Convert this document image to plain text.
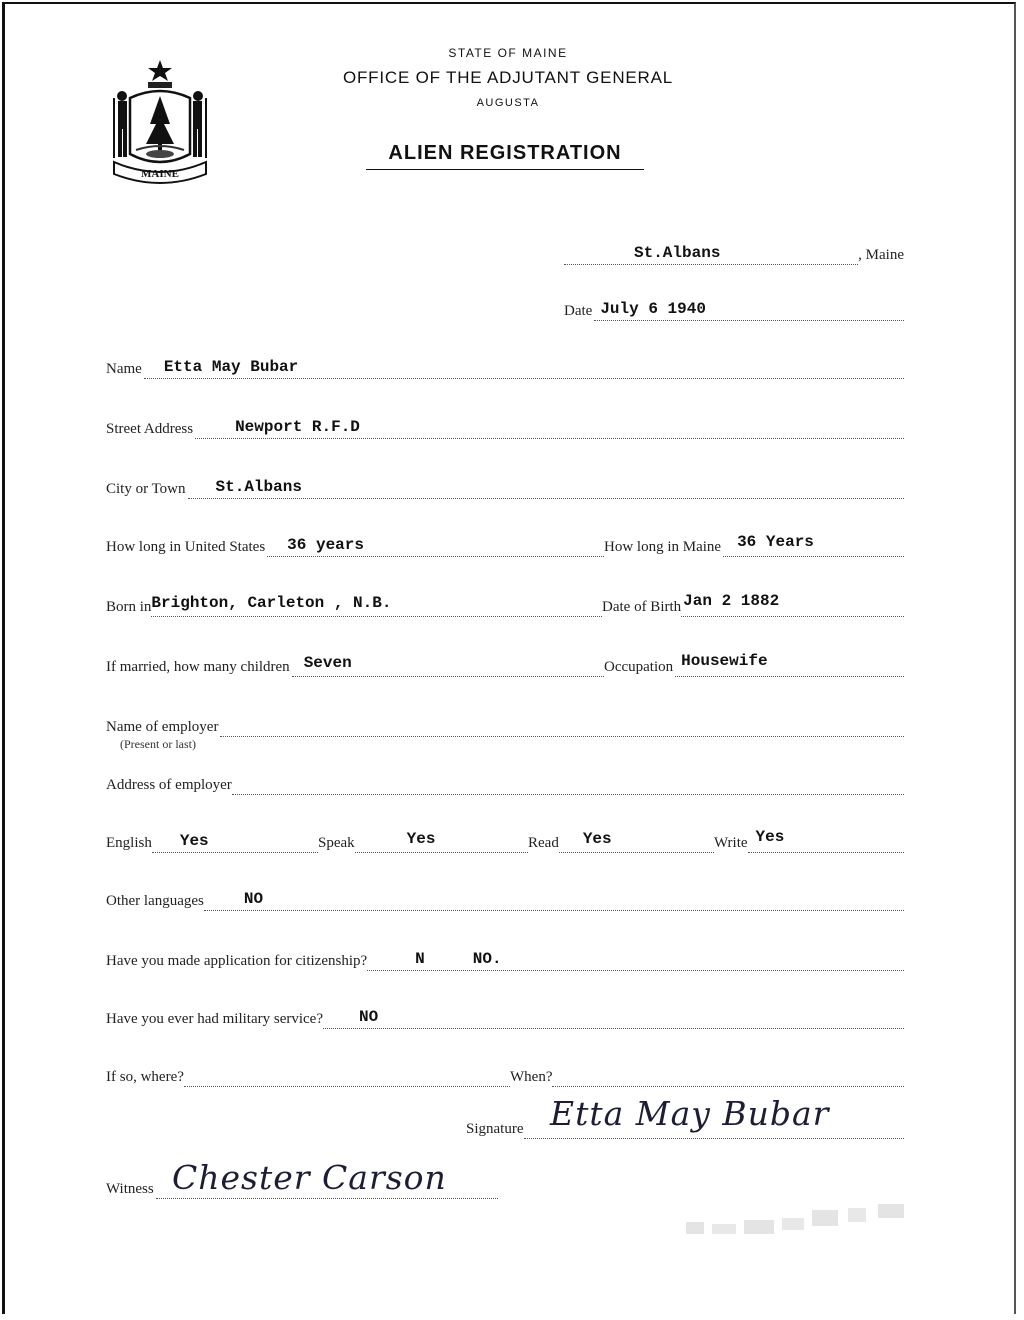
MAINE
STATE OF MAINE
OFFICE OF THE ADJUTANT GENERAL
AUGUSTA
ALIEN REGISTRATION
St.Albans	, Maine
Date July 6 1940
Name Etta May Bubar
Street Address	Newport R.F.D
City or Town St.Albans
How long in United States 36 years	How long in Maine 36 Years
Born in Brighton, Carleton , N.B.	Date of Birth Jan 2 1882
If married, how many children Seven	Occupation Housewife
Name of employer
(Present or last)
Address of employer
English Yes	Speak	Yes	Read Yes	Write Yes
Other languages	NO
Have you made application for citizenship?	N     NO.
Have you ever had military service? NO
If so, where?	When?
Signature Etta May Bubar
Witness Chester Carson
